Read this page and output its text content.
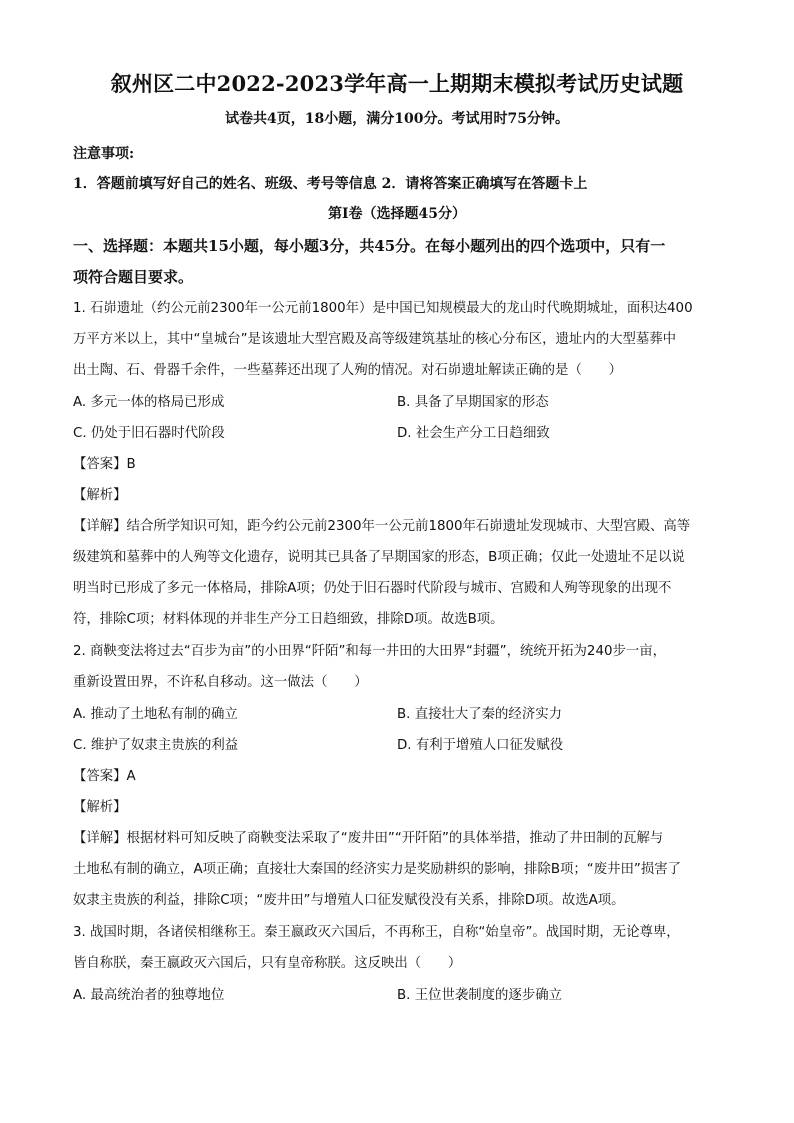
叙州区二中2022-2023学年高一上期期末模拟考试历史试题
试卷共4页，18小题，满分100分。考试用时75分钟。
注意事项:
1．答题前填写好自己的姓名、班级、考号等信息 2．请将答案正确填写在答题卡上
第I卷（选择题45分）
一、选择题：本题共15小题，每小题3分，共45分。在每小题列出的四个选项中，只有一
项符合题目要求。
1. 石峁遗址（约公元前2300年一公元前1800年）是中国已知规模最大的龙山时代晚期城址，面积达400
万平方米以上，其中“皇城台”是该遗址大型宫殿及高等级建筑基址的核心分布区，遗址内的大型墓葬中
出土陶、石、骨器千余件，一些墓葬还出现了人殉的情况。对石峁遗址解读正确的是（　　）
A. 多元一体的格局已形成	B. 具备了早期国家的形态
C. 仍处于旧石器时代阶段	D. 社会生产分工日趋细致
【答案】B
【解析】
【详解】结合所学知识可知，距今约公元前2300年一公元前1800年石峁遗址发现城市、大型宫殿、高等
级建筑和墓葬中的人殉等文化遗存，说明其已具备了早期国家的形态，B项正确；仅此一处遗址不足以说
明当时已形成了多元一体格局，排除A项；仍处于旧石器时代阶段与城市、宫殿和人殉等现象的出现不
符，排除C项；材料体现的并非生产分工日趋细致，排除D项。故选B项。
2. 商鞅变法将过去“百步为亩”的小田界“阡陌”和每一井田的大田界“封疆”，统统开拓为240步一亩，
重新设置田界，不许私自移动。这一做法（　　）
A. 推动了土地私有制的确立	B. 直接壮大了秦的经济实力
C. 维护了奴隶主贵族的利益	D. 有利于增殖人口征发赋役
【答案】A
【解析】
【详解】根据材料可知反映了商鞅变法采取了“废井田”“开阡陌”的具体举措，推动了井田制的瓦解与
土地私有制的确立，A项正确；直接壮大秦国的经济实力是奖励耕织的影响，排除B项；“废井田”损害了
奴隶主贵族的利益，排除C项；“废井田”与增殖人口征发赋役没有关系，排除D项。故选A项。
3. 战国时期，各诸侯相继称王。秦王嬴政灭六国后，不再称王，自称“始皇帝”。战国时期，无论尊卑，
皆自称朕，秦王嬴政灭六国后，只有皇帝称朕。这反映出（　　）
A. 最高统治者的独尊地位	B. 王位世袭制度的逐步确立
